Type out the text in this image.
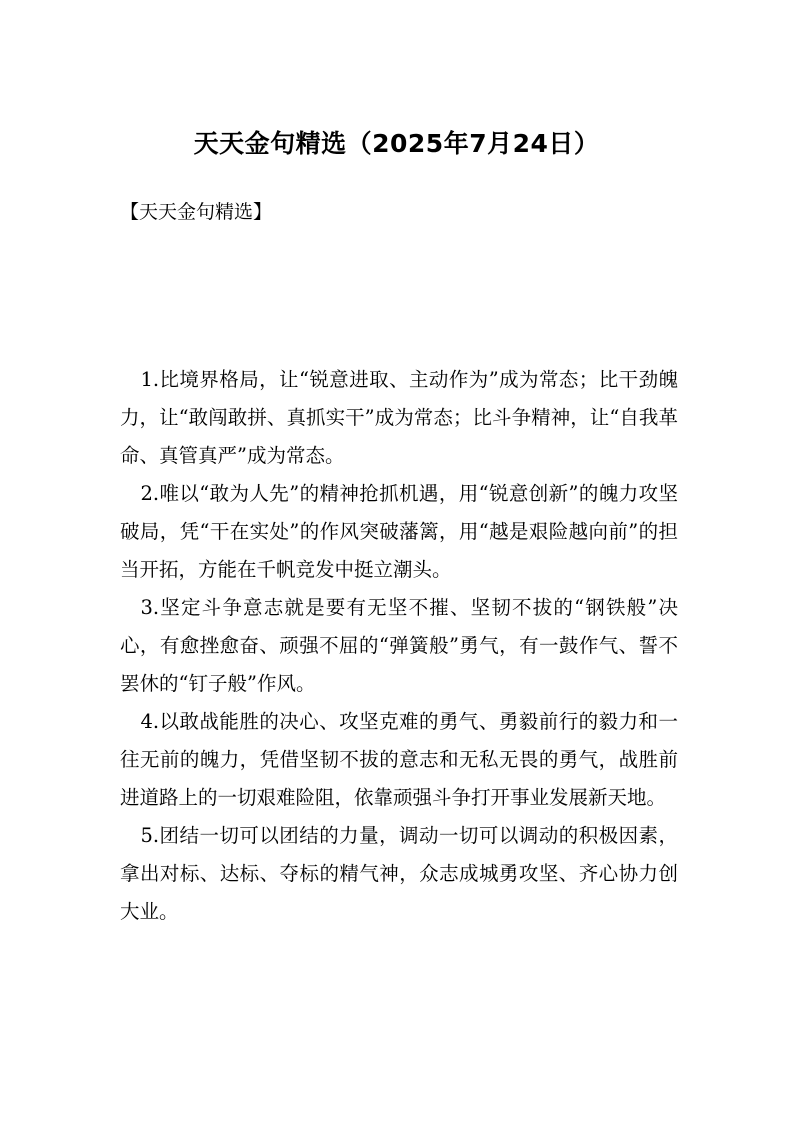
天天金句精选（2025年7月24日）
【天天金句精选】

1.比境界格局，让“锐意进取、主动作为”成为常态；比干劲魄力，让“敢闯敢拼、真抓实干”成为常态；比斗争精神，让“自我革命、真管真严”成为常态。

2.唯以“敢为人先”的精神抢抓机遇，用“锐意创新”的魄力攻坚破局，凭“干在实处”的作风突破藩篱，用“越是艰险越向前”的担当开拓，方能在千帆竞发中挺立潮头。

3.坚定斗争意志就是要有无坚不摧、坚韧不拔的“钢铁般”决心，有愈挫愈奋、顽强不屈的“弹簧般”勇气，有一鼓作气、誓不罢休的“钉子般”作风。

4.以敢战能胜的决心、攻坚克难的勇气、勇毅前行的毅力和一往无前的魄力，凭借坚韧不拔的意志和无私无畏的勇气，战胜前进道路上的一切艰难险阻，依靠顽强斗争打开事业发展新天地。

5.团结一切可以团结的力量，调动一切可以调动的积极因素，拿出对标、达标、夺标的精气神，众志成城勇攻坚、齐心协力创大业。
